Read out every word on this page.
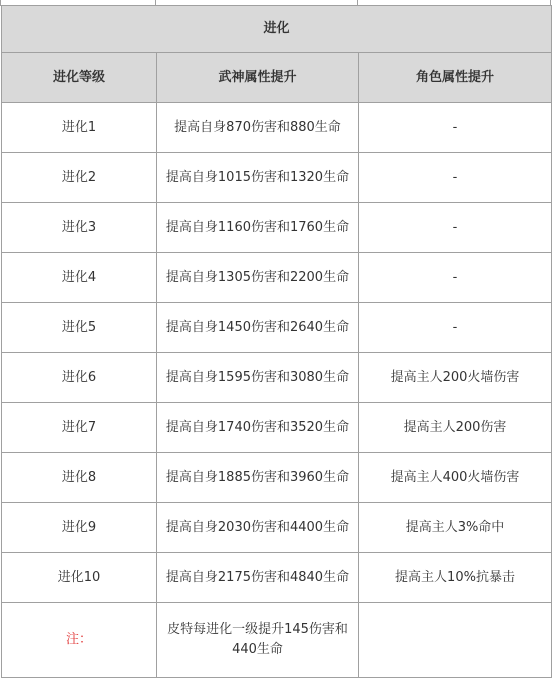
进化		
进化等级	武神属性提升	角色属性提升
进化1	提高自身870伤害和880生命	-
进化2	提高自身1015伤害和1320生命	-
进化3	提高自身1160伤害和1760生命	-
进化4	提高自身1305伤害和2200生命	-
进化5	提高自身1450伤害和2640生命	-
进化6	提高自身1595伤害和3080生命	提高主人200火墙伤害
进化7	提高自身1740伤害和3520生命	提高主人200伤害
进化8	提高自身1885伤害和3960生命	提高主人400火墙伤害
进化9	提高自身2030伤害和4400生命	提高主人3%命中
进化10	提高自身2175伤害和4840生命	提高主人10%抗暴击
注：	皮特每进化一级提升145伤害和440生命	
